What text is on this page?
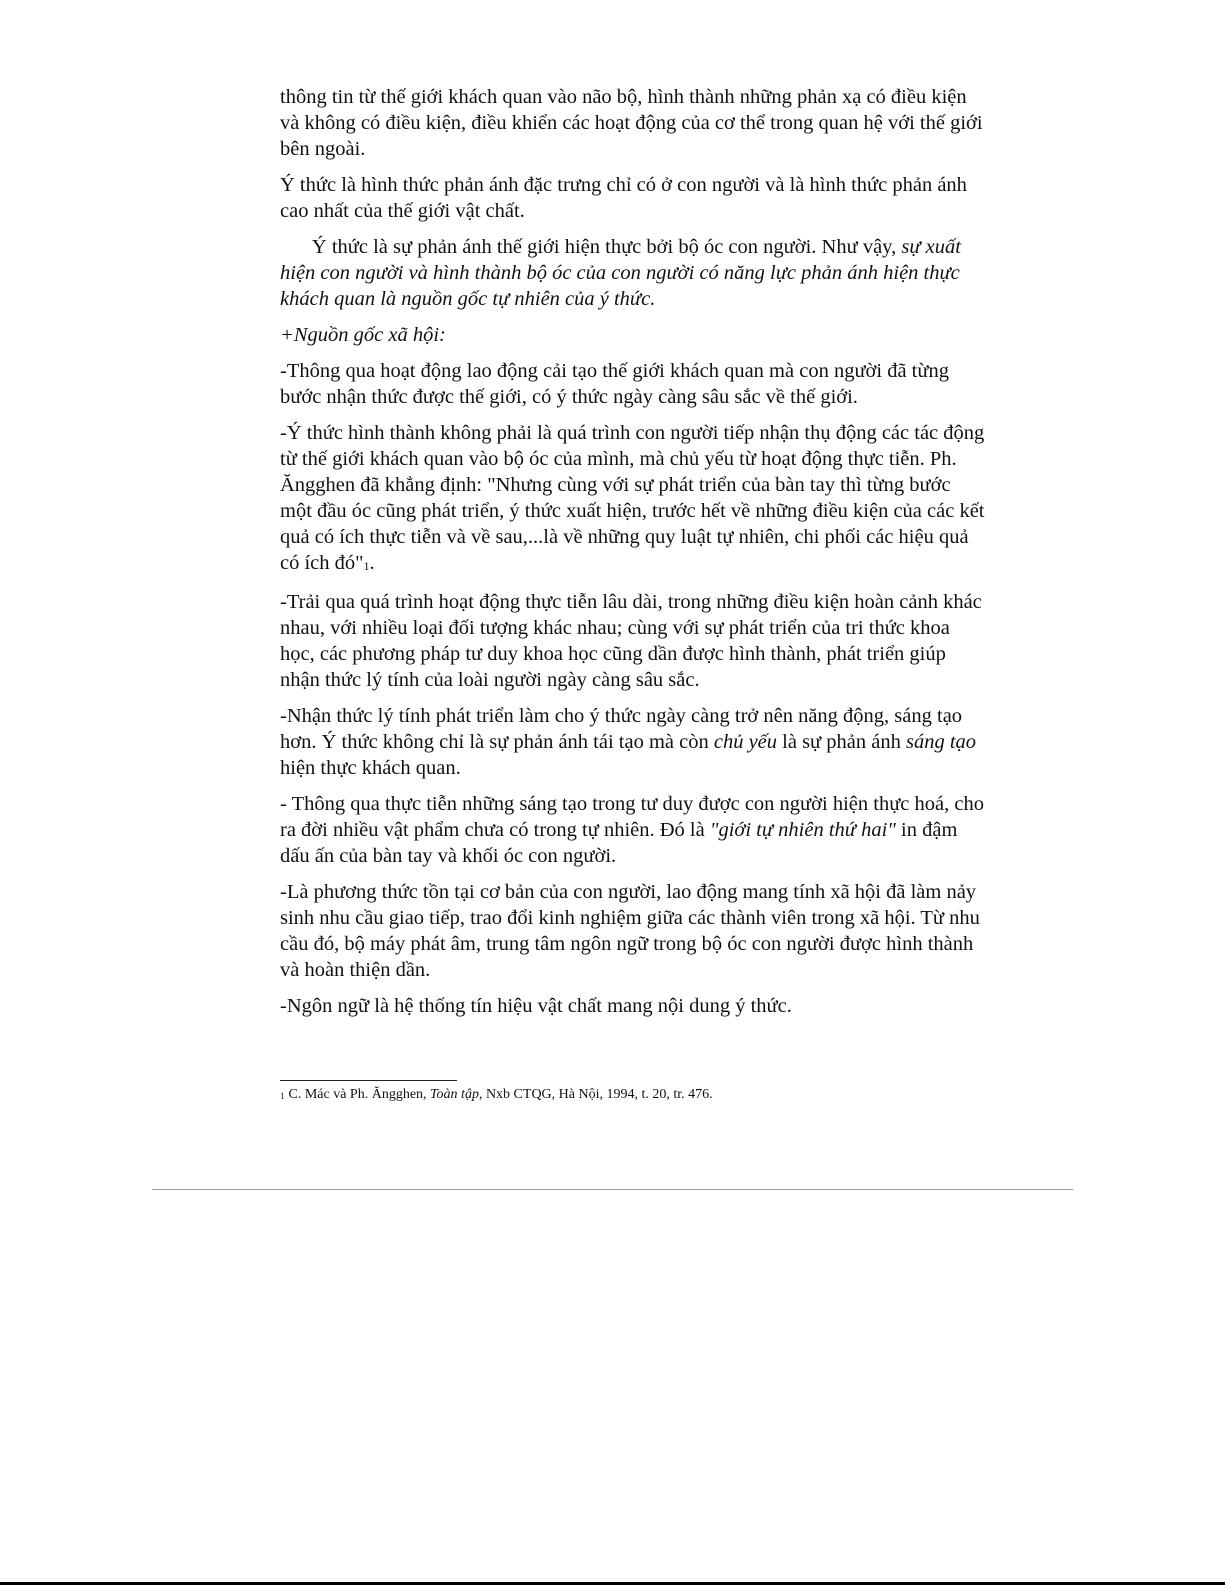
thông tin từ thế giới khách quan vào não bộ, hình thành những phản xạ có điều kiện và không có điều kiện, điều khiển các hoạt động của cơ thể trong quan hệ với thế giới bên ngoài.

Ý thức là hình thức phản ánh đặc trưng chỉ có ở con người và là hình thức phản ánh cao nhất của thế giới vật chất.

  Ý thức là sự phản ánh thế giới hiện thực bởi bộ óc con người. Như vậy, sự xuất hiện con người và hình thành bộ óc của con người có năng lực phản ánh hiện thực khách quan là nguồn gốc tự nhiên của ý thức.

+Nguồn gốc xã hội:

-Thông qua hoạt động lao động cải tạo thế giới khách quan mà con người đã từng bước nhận thức được thế giới, có ý thức ngày càng sâu sắc về thế giới.

-Ý thức hình thành không phải là quá trình con người tiếp nhận thụ động các tác động từ thế giới khách quan vào bộ óc của mình, mà chủ yếu từ hoạt động thực tiễn. Ph. Ăngghen đã khẳng định: "Nhưng cùng với sự phát triển của bàn tay thì từng bước một đầu óc cũng phát triển, ý thức xuất hiện, trước hết về những điều kiện của các kết quả có ích thực tiễn và về sau,...là về những quy luật tự nhiên, chi phối các hiệu quả có ích đó"1.

-Trải qua quá trình hoạt động thực tiễn lâu dài, trong những điều kiện hoàn cảnh khác nhau, với nhiều loại đối tượng khác nhau; cùng với sự phát triển của tri thức khoa học, các phương pháp tư duy khoa học cũng dần được hình thành, phát triển giúp nhận thức lý tính của loài người ngày càng sâu sắc.

-Nhận thức lý tính phát triển làm cho ý thức ngày càng trở nên năng động, sáng tạo hơn. Ý thức không chỉ là sự phản ánh tái tạo mà còn chủ yếu là sự phản ánh sáng tạo hiện thực khách quan.

- Thông qua thực tiễn những sáng tạo trong tư duy được con người hiện thực hoá, cho ra đời nhiều vật phẩm chưa có trong tự nhiên. Đó là "giới tự nhiên thứ hai" in đậm dấu ấn của bàn tay và khối óc con người.

-Là phương thức tồn tại cơ bản của con người, lao động mang tính xã hội đã làm nảy sinh nhu cầu giao tiếp, trao đổi kinh nghiệm giữa các thành viên trong xã hội. Từ nhu cầu đó, bộ máy phát âm, trung tâm ngôn ngữ trong bộ óc con người được hình thành và hoàn thiện dần.

-Ngôn ngữ là hệ thống tín hiệu vật chất mang nội dung ý thức.

1 C. Mác và Ph. Ăngghen, Toàn tập, Nxb CTQG, Hà Nội, 1994, t. 20, tr. 476.
